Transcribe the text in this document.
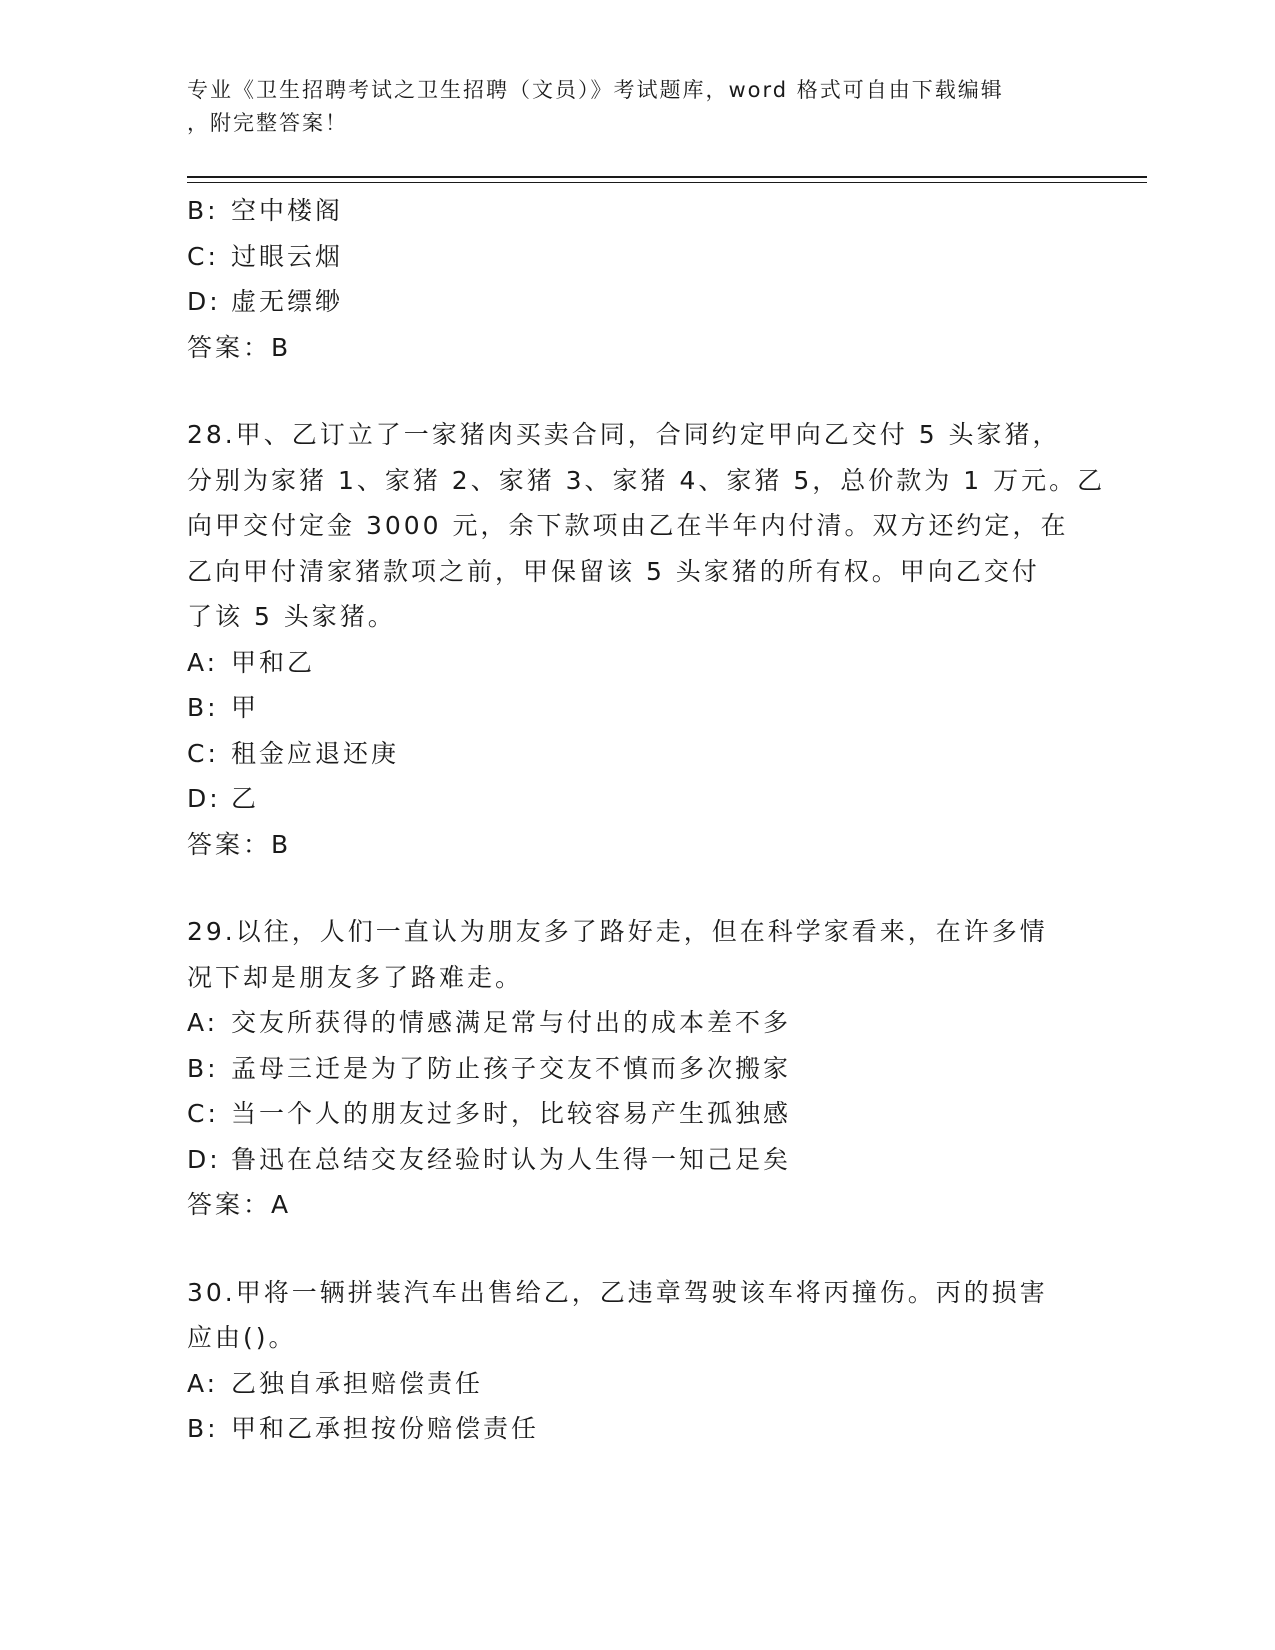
专业《卫生招聘考试之卫生招聘（文员）》考试题库，word 格式可自由下载编辑
，附完整答案！
B: 空中楼阁
C: 过眼云烟
D: 虚无缥缈
答案：B
28.甲、乙订立了一家猪肉买卖合同，合同约定甲向乙交付 5 头家猪，
分别为家猪 1、家猪 2、家猪 3、家猪 4、家猪 5，总价款为 1 万元。乙
向甲交付定金 3000 元，余下款项由乙在半年内付清。双方还约定，在
乙向甲付清家猪款项之前，甲保留该 5 头家猪的所有权。甲向乙交付
了该 5 头家猪。
A: 甲和乙
B: 甲
C: 租金应退还庚
D: 乙
答案：B
29.以往，人们一直认为朋友多了路好走，但在科学家看来，在许多情
况下却是朋友多了路难走。
A: 交友所获得的情感满足常与付出的成本差不多
B: 孟母三迁是为了防止孩子交友不慎而多次搬家
C: 当一个人的朋友过多时，比较容易产生孤独感
D: 鲁迅在总结交友经验时认为人生得一知己足矣
答案：A
30.甲将一辆拼装汽车出售给乙，乙违章驾驶该车将丙撞伤。丙的损害
应由()。
A: 乙独自承担赔偿责任
B: 甲和乙承担按份赔偿责任
